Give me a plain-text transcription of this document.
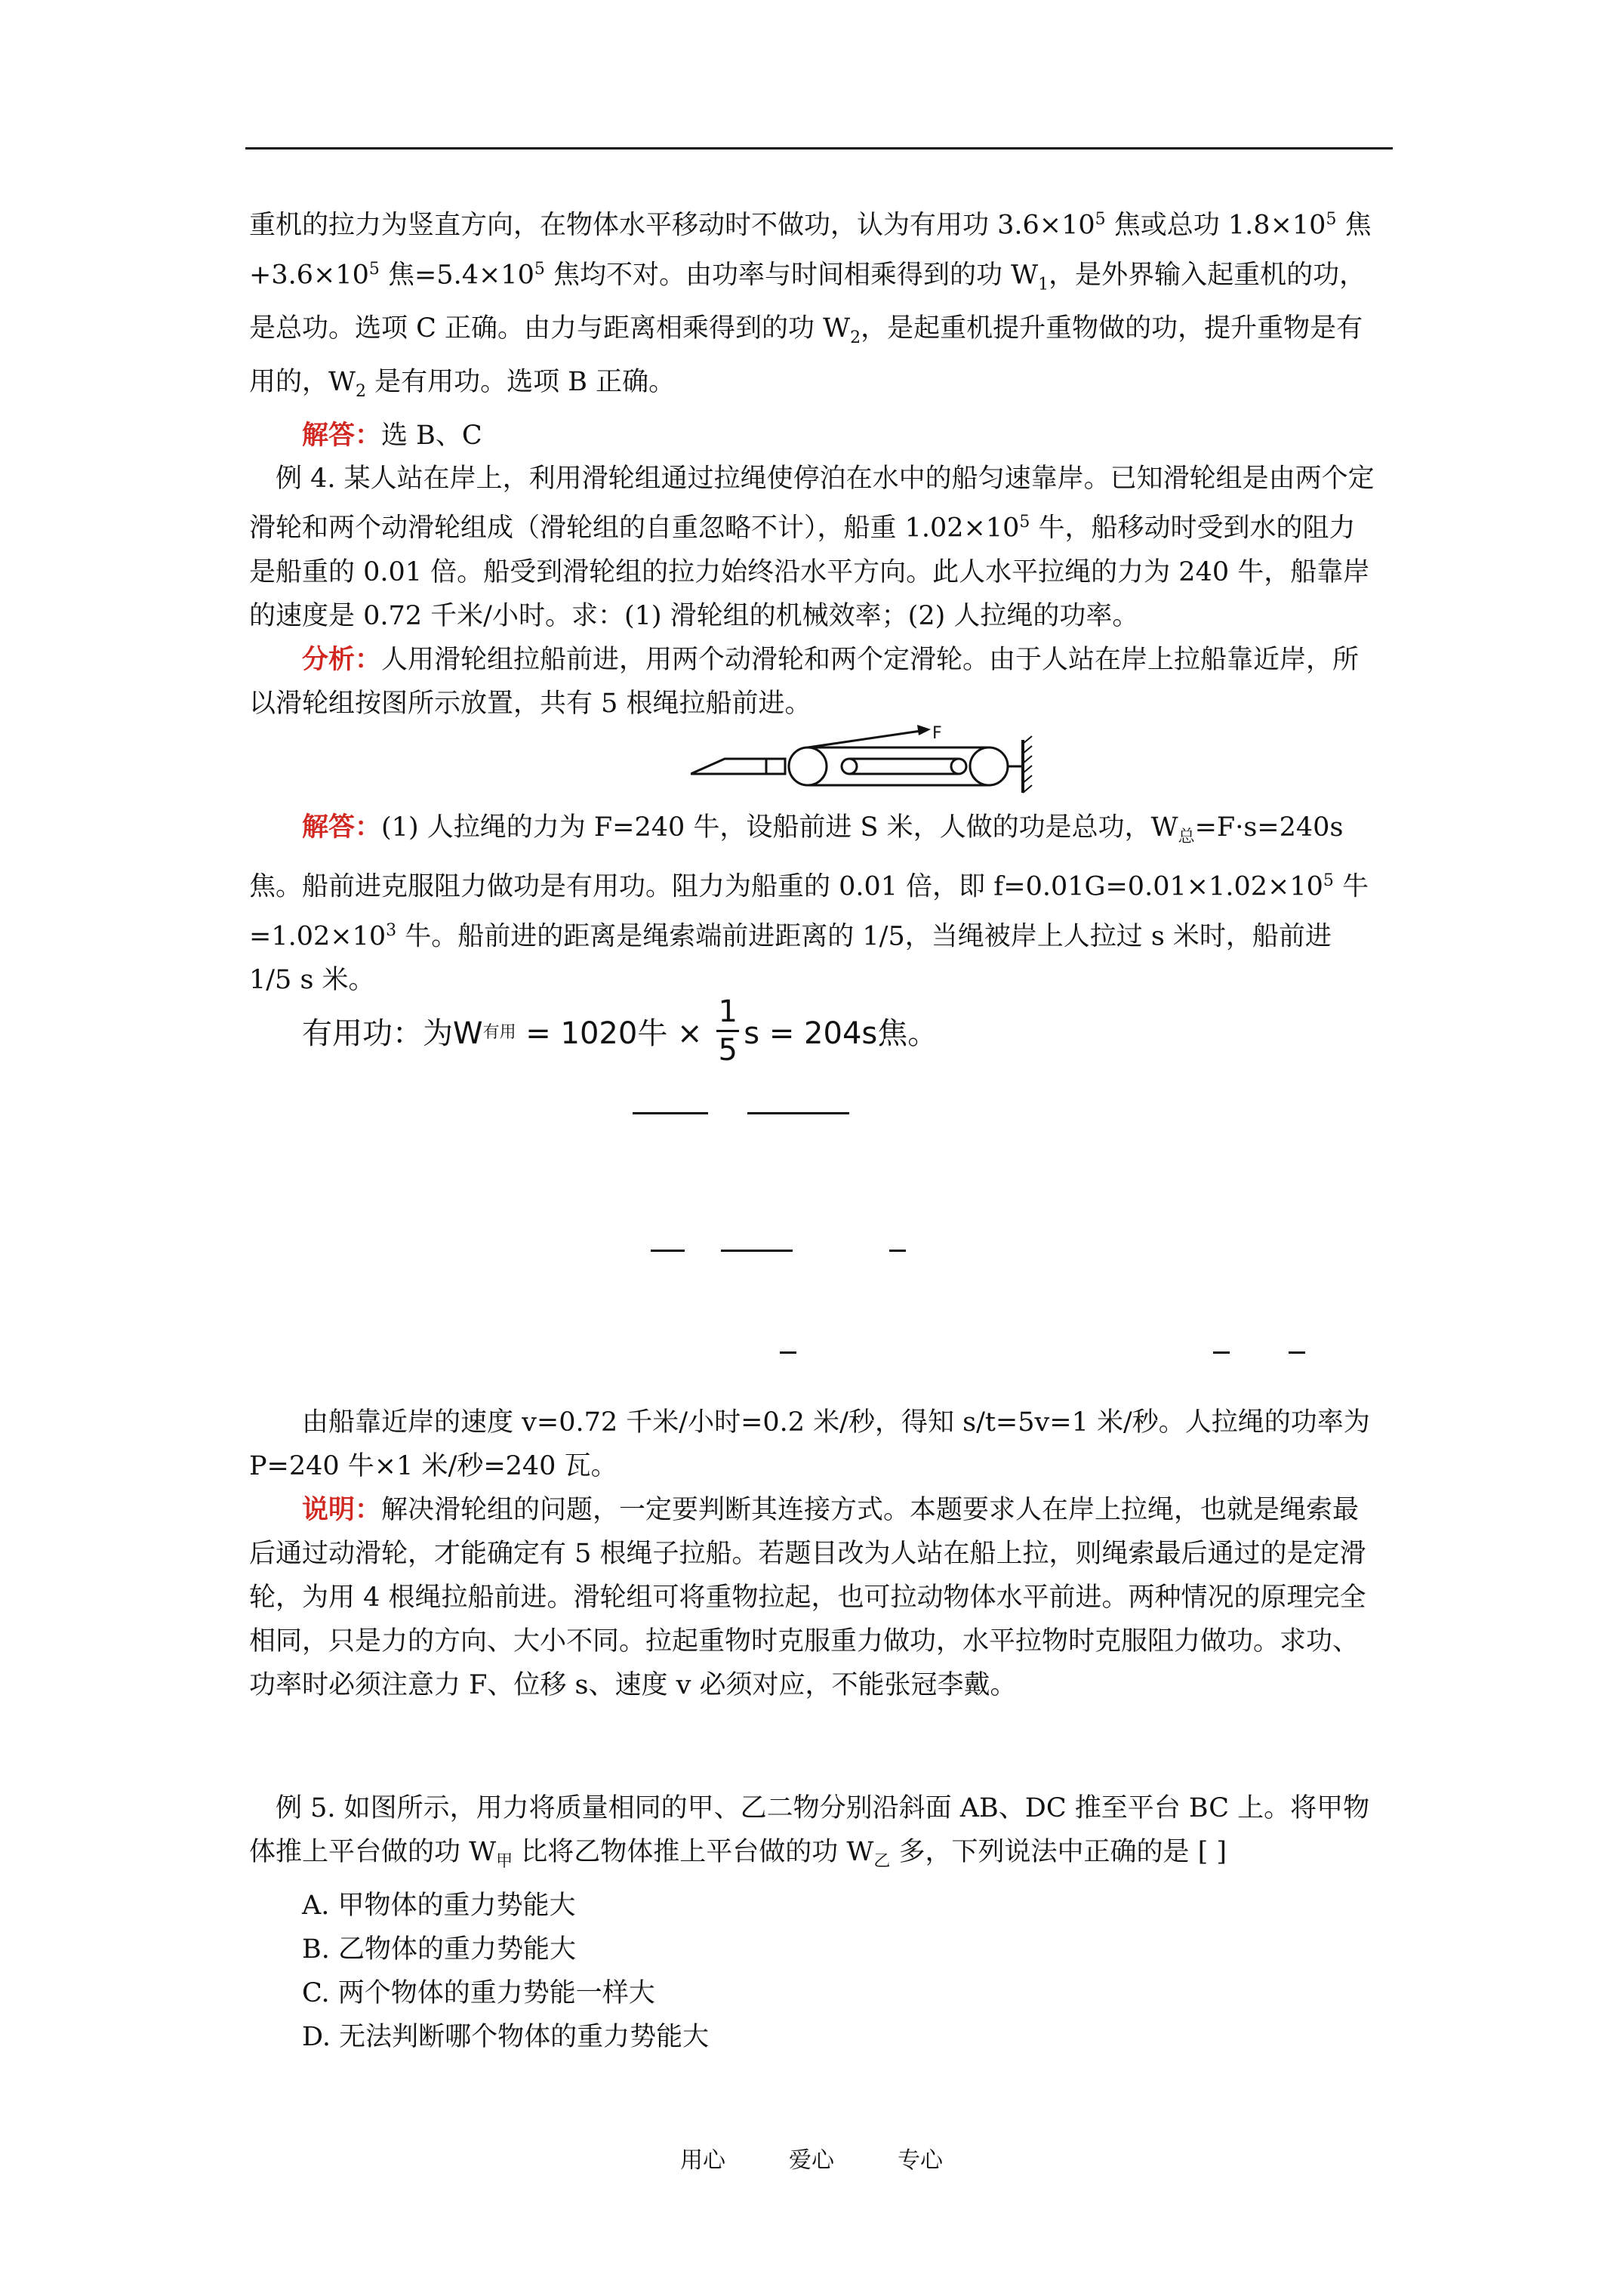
重机的拉力为竖直方向，在物体水平移动时不做功，认为有用功 $3.6\times 10^5$ 焦或总功 $1.8\times 10^5$ 焦$+3.6\times 10^5$ 焦$=5.4\times 10^5$ 焦均不对。由功率与时间相乘得到的功 $W_1$，是外界输入起重机的功，是总功。选项 C 正确。由力与距离相乘得到的功 $W_2$，是起重机提升重物做的功，提升重物是有用的，$W_2$ 是有用功。选项 B 正确。

解答：选 B、C

例 4. 某人站在岸上，利用滑轮组通过拉绳使停泊在水中的船匀速靠岸。已知滑轮组是由两个定滑轮和两个动滑轮组成（滑轮组的自重忽略不计），船重 $1.02\times 10^5$ 牛，船移动时受到水的阻力是船重的 0.01 倍。船受到滑轮组的拉力始终沿水平方向。此人水平拉绳的力为 240 牛，船靠岸的速度是 0.72 千米/小时。求：(1) 滑轮组的机械效率；(2) 人拉绳的功率。

分析：人用滑轮组拉船前进，用两个动滑轮和两个定滑轮。由于人站在岸上拉船靠近岸，所以滑轮组按图所示放置，共有 5 根绳拉船前进。

F

解答：(1) 人拉绳的力为 F=240 牛，设船前进 S 米，人做的功是总功，$W_总=F\cdot s=240s$ 焦。船前进克服阻力做功是有用功。阻力为船重的 0.01 倍，即 $f=0.01G=0.01\times 1.02\times 10^5$ 牛$=1.02\times 10^3$ 牛。船前进的距离是绳索端前进距离的 1/5，当绳被岸上人拉过 s 米时，船前进 1/5 s 米。

有用功：为W 有用 = 1020牛 × $\frac{1}{5}$ s = 204s焦。

由船靠近岸的速度 v=0.72 千米/小时=0.2 米/秒，得知 s/t=5v=1 米/秒。人拉绳的功率为 P=240 牛×1 米/秒=240 瓦。

说明：解决滑轮组的问题，一定要判断其连接方式。本题要求人在岸上拉绳，也就是绳索最后通过动滑轮，才能确定有 5 根绳子拉船。若题目改为人站在船上拉，则绳索最后通过的是定滑轮，为用 4 根绳拉船前进。滑轮组可将重物拉起，也可拉动物体水平前进。两种情况的原理完全相同，只是力的方向、大小不同。拉起重物时克服重力做功，水平拉物时克服阻力做功。求功、功率时必须注意力 F、位移 s、速度 v 必须对应，不能张冠李戴。

例 5. 如图所示，用力将质量相同的甲、乙二物分别沿斜面 AB、DC 推至平台 BC 上。将甲物体推上平台做的功 $W_甲$ 比将乙物体推上平台做的功 $W_乙$ 多，下列说法中正确的是 [ ]

A. 甲物体的重力势能大

B. 乙物体的重力势能大

C. 两个物体的重力势能一样大

D. 无法判断哪个物体的重力势能大

用心	爱心	专心
